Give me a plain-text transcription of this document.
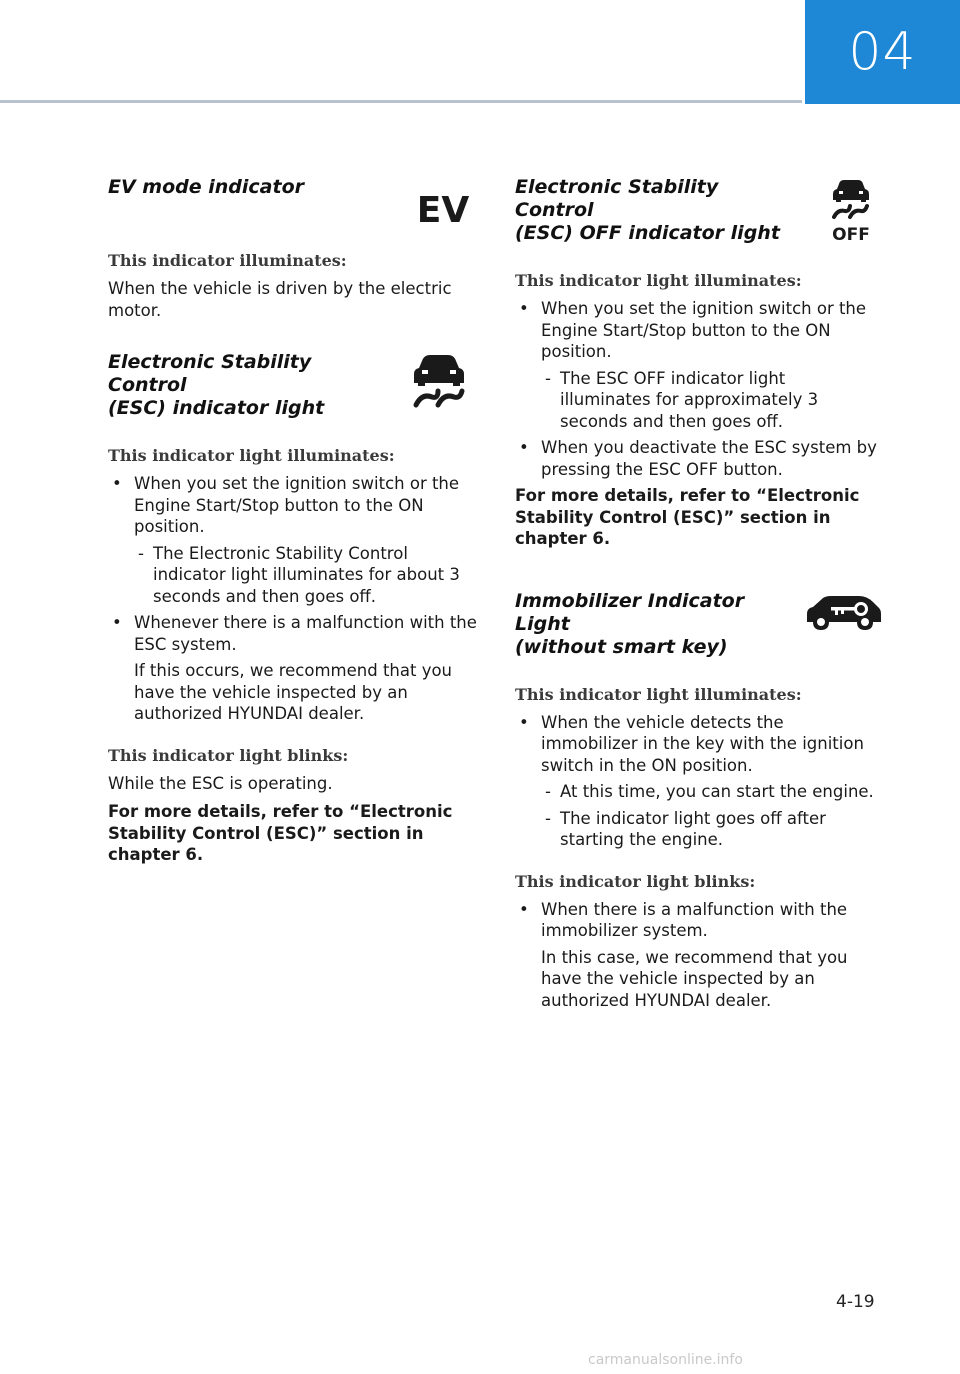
04
EV mode indicator
EV

This indicator illuminates:

When the vehicle is driven by the electric motor.

Electronic Stability Control
(ESC) indicator light

This indicator light illuminates:

• When you set the ignition switch or the Engine Start/Stop button to the ON position.

- The Electronic Stability Control indicator light illuminates for about 3 seconds and then goes off.

• Whenever there is a malfunction with the ESC system.

If this occurs, we recommend that you have the vehicle inspected by an authorized HYUNDAI dealer.

This indicator light blinks:

While the ESC is operating.

For more details, refer to “Electronic Stability Control (ESC)” section in chapter 6.

Electronic Stability Control
(ESC) OFF indicator light	OFF

This indicator light illuminates:

• When you set the ignition switch or the Engine Start/Stop button to the ON position.

- The ESC OFF indicator light illuminates for approximately 3 seconds and then goes off.

• When you deactivate the ESC system by pressing the ESC OFF button.

For more details, refer to “Electronic Stability Control (ESC)” section in chapter 6.

Immobilizer Indicator Light
(without smart key)

This indicator light illuminates:

• When the vehicle detects the immobilizer in the key with the ignition switch in the ON position.

- At this time, you can start the engine.

- The indicator light goes off after starting the engine.

This indicator light blinks:

• When there is a malfunction with the immobilizer system.

In this case, we recommend that you have the vehicle inspected by an authorized HYUNDAI dealer.

4-19
carmanualsonline.info
